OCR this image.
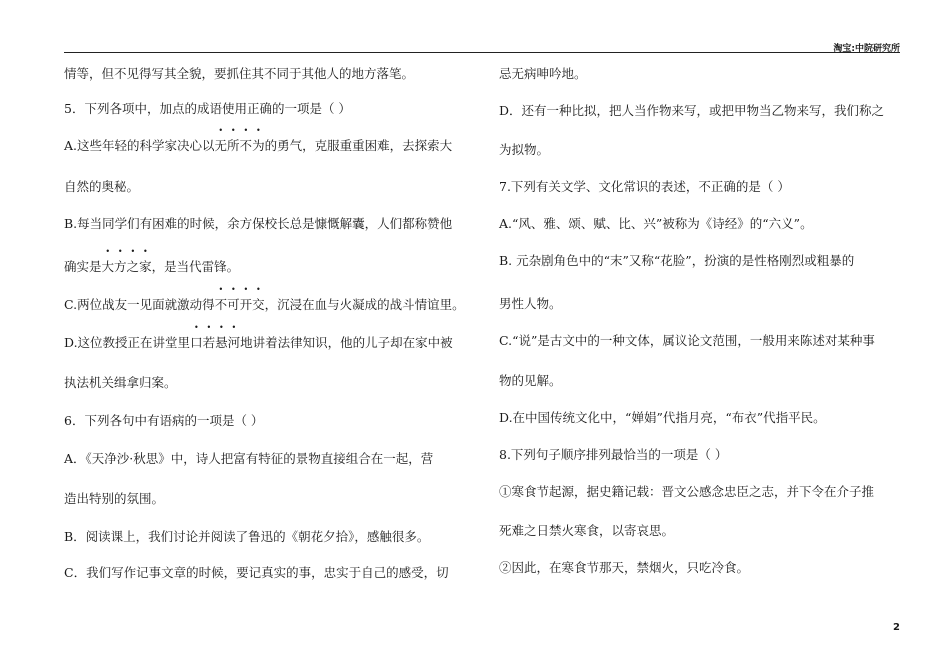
淘宝:中院研究所
情等，但不见得写其全貌，要抓住其不同于其他人的地方落笔。
5．下列各项中，加点的成语使用正确的一项是（ ）
A.这些年轻的科学家决心以无所不为的勇气，克服重重困难，去探索大
自然的奥秘。
B.每当同学们有困难的时候，余方保校长总是慷慨解囊，人们都称赞他
确实是大方之家，是当代雷锋。
C.两位战友一见面就激动得不可开交，沉浸在血与火凝成的战斗情谊里。
D.这位教授正在讲堂里口若悬河地讲着法律知识，他的儿子却在家中被
执法机关缉拿归案。
6．下列各句中有语病的一项是（ ）
A．《天净沙·秋思》中，诗人把富有特征的景物直接组合在一起，营
造出特别的氛围。
B．阅读课上，我们讨论并阅读了鲁迅的《朝花夕拾》，感触很多。
C．我们写作记事文章的时候，要记真实的事，忠实于自己的感受，切
忌无病呻吟地。
D．还有一种比拟，把人当作物来写，或把甲物当乙物来写，我们称之
为拟物。
7.下列有关文学、文化常识的表述，不正确的是（ ）
A.“风、雅、颂、赋、比、兴”被称为《诗经》的“六义”。
B. 元杂剧角色中的“末”又称“花脸”，扮演的是性格刚烈或粗暴的
男性人物。
C.“说”是古文中的一种文体，属议论文范围，一般用来陈述对某种事
物的见解。
D.在中国传统文化中，“婵娟”代指月亮，“布衣”代指平民。
8.下列句子顺序排列最恰当的一项是（ ）
①寒食节起源，据史籍记载：晋文公感念忠臣之志，并下令在介子推
死难之日禁火寒食，以寄哀思。
②因此，在寒食节那天，禁烟火，只吃冷食。
2
